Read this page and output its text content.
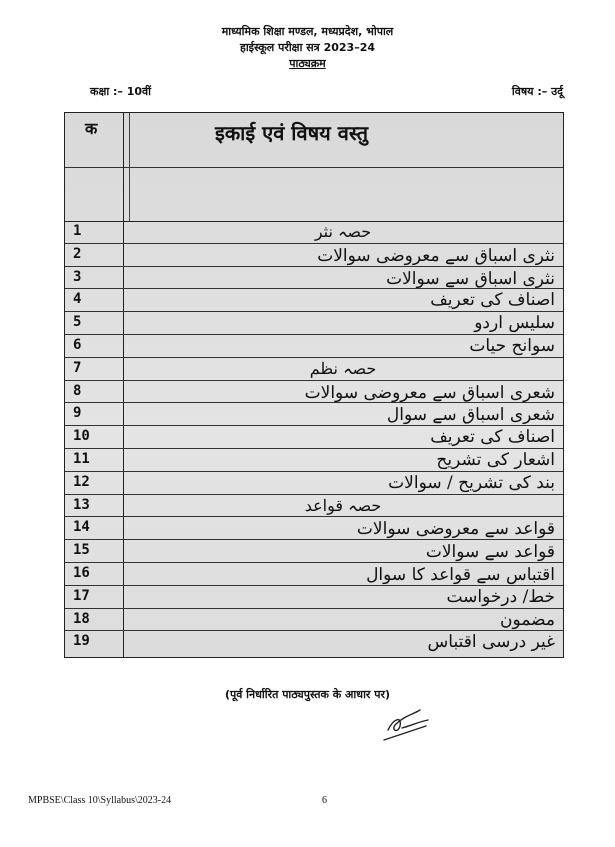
माध्यमिक शिक्षा मण्डल, मध्यप्रदेश, भोपाल
हाईस्कूल परीक्षा सत्र 2023–24
पाठ्यक्रम
कक्षा :– 10वीं	विषय :– उर्दू
क	इकाई एवं विषय वस्तु
1	حصہ نثر
2	نثری اسباق سے معروضی سوالات
3	نثری اسباق سے سوالات
4	اصناف کی تعریف
5	سلیس اردو
6	سوانح حیات
7	حصہ نظم
8	شعری اسباق سے معروضی سوالات
9	شعری اسباق سے سوال
10	اصناف کی تعریف
11	اشعار کی تشریح
12	بند کی تشریح / سوالات
13	حصہ قواعد
14	قواعد سے معروضی سوالات
15	قواعد سے سوالات
16	اقتباس سے قواعد کا سوال
17	خط/ درخواست
18	مضمون
19	غیر درسی اقتباس
(पूर्व निर्धारित पाठ्यपुस्तक के आधार पर)
MPBSE\Class 10\Syllabus\2023-24	6
